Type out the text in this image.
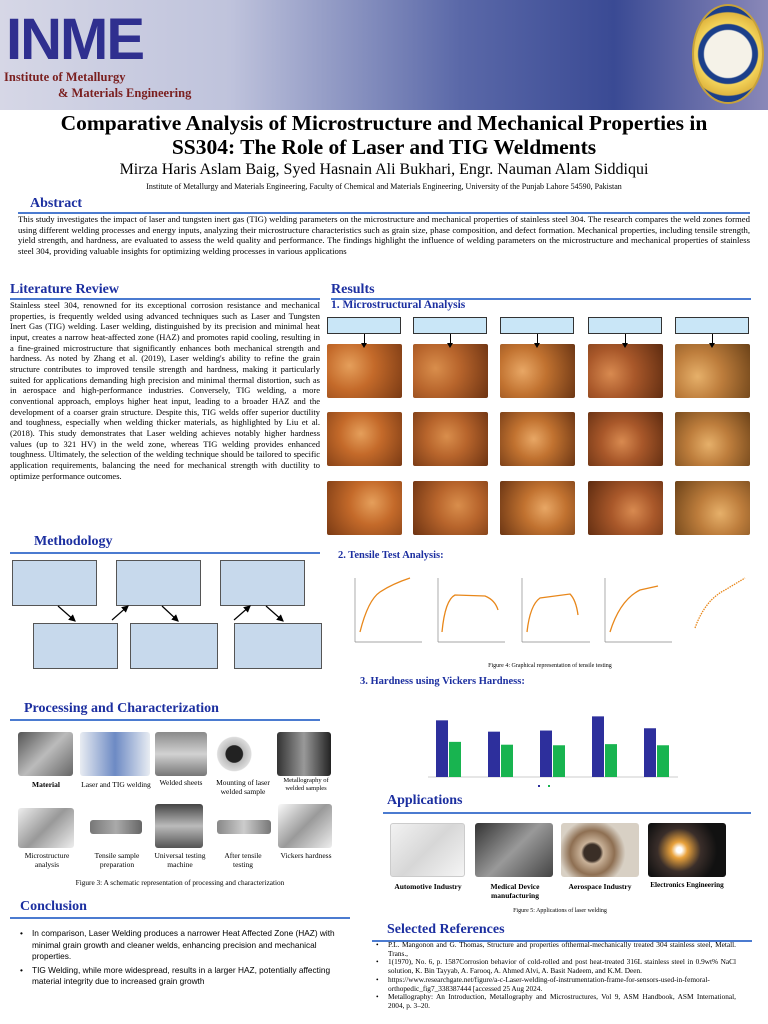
INME
Institute of Metallurgy
& Materials Engineering
Comparative Analysis of Microstructure and Mechanical Properties in
SS304: The Role of Laser and TIG Weldments
Mirza Haris Aslam Baig, Syed Hasnain Ali Bukhari, Engr. Nauman Alam Siddiqui
Institute of Metallurgy and Materials Engineering, Faculty of Chemical and Materials Engineering, University of the Punjab Lahore 54590, Pakistan
Abstract
This study investigates the impact of laser and tungsten inert gas (TIG) welding parameters on the microstructure and mechanical properties of stainless steel 304. The research compares the weld zones formed using different welding processes and energy inputs, analyzing their microstructure characteristics such as grain size, phase composition, and defect formation. Mechanical properties, including tensile strength, yield strength, and hardness, are evaluated to assess the weld quality and performance. The findings highlight the influence of welding parameters on the microstructure and mechanical properties of stainless steel 304, providing valuable insights for optimizing welding processes in various applications
Literature Review
Stainless steel 304, renowned for its exceptional corrosion resistance and mechanical properties, is frequently welded using advanced techniques such as Laser and Tungsten Inert Gas (TIG) welding. Laser welding, distinguished by its precision and minimal heat input, creates a narrow heat-affected zone (HAZ) and promotes rapid cooling, resulting in a fine-grained microstructure that significantly enhances both mechanical strength and hardness. As noted by Zhang et al. (2019), Laser welding's ability to refine the grain structure contributes to improved tensile strength and hardness, making it particularly suited for applications demanding high precision and minimal thermal distortion, such as in aerospace and high-performance industries. Conversely, TIG welding, a more conventional approach, employs higher heat input, leading to a broader HAZ and the development of a coarser grain structure. Despite this, TIG welds offer superior ductility and toughness, especially when welding thicker materials, as highlighted by Liu et al. (2018). This study demonstrates that Laser welding achieves notably higher hardness values (up to 321 HV) in the weld zone, whereas TIG welding provides enhanced toughness. Ultimately, the selection of the welding technique should be tailored to specific application requirements, balancing the need for mechanical strength with ductility to optimize performance outcomes.
Methodology
Processing and Characterization
Material	Laser and TIG welding	Welded sheets	Mounting of laser welded sample
Metallography of welded samples
Microstructure analysis
Tensile sample preparation
Universal testing machine
After tensile testing
Vickers hardness
Figure 3: A schematic representation of processing and characterization
Conclusion
• In comparison, Laser Welding produces a narrower Heat Affected Zone (HAZ) with minimal grain growth and cleaner welds, enhancing precision and mechanical properties.
• TIG Welding, while more widespread, results in a larger HAZ, potentially affecting material integrity due to increased grain growth
Results
1. Microstructural Analysis
2. Tensile Test Analysis:
Figure 4: Graphical representation of tensile testing
3. Hardness using Vickers Hardness:
Applications
Automotive Industry	Medical Device manufacturing
Aerospace Industry	Electronics Engineering
Figure 5: Applications of laser welding
Selected References
• P.L. Mangonon and G. Thomas, Structure and properties ofthermal-mechanically treated 304 stainless steel, Metall. Trans.,
• 1(1970), No. 6, p. 1587Corrosion behavior of cold-rolled and post heat-treated 316L stainless steel in 0.9wt% NaCl solution, K. Bin Tayyab, A. Farooq, A. Ahmed Alvi, A. Basit Nadeem, and K.M. Deen.
• https://www.researchgate.net/figure/a-c-Laser-welding-of-instrumentation-frame-for-sensors-used-in-femoral-orthopedic_fig7_338387444 [accessed 25 Aug 2024.
• Metallography: An Introduction, Metallography and Microstructures, Vol 9, ASM Handbook, ASM International, 2004, p. 3–20.
